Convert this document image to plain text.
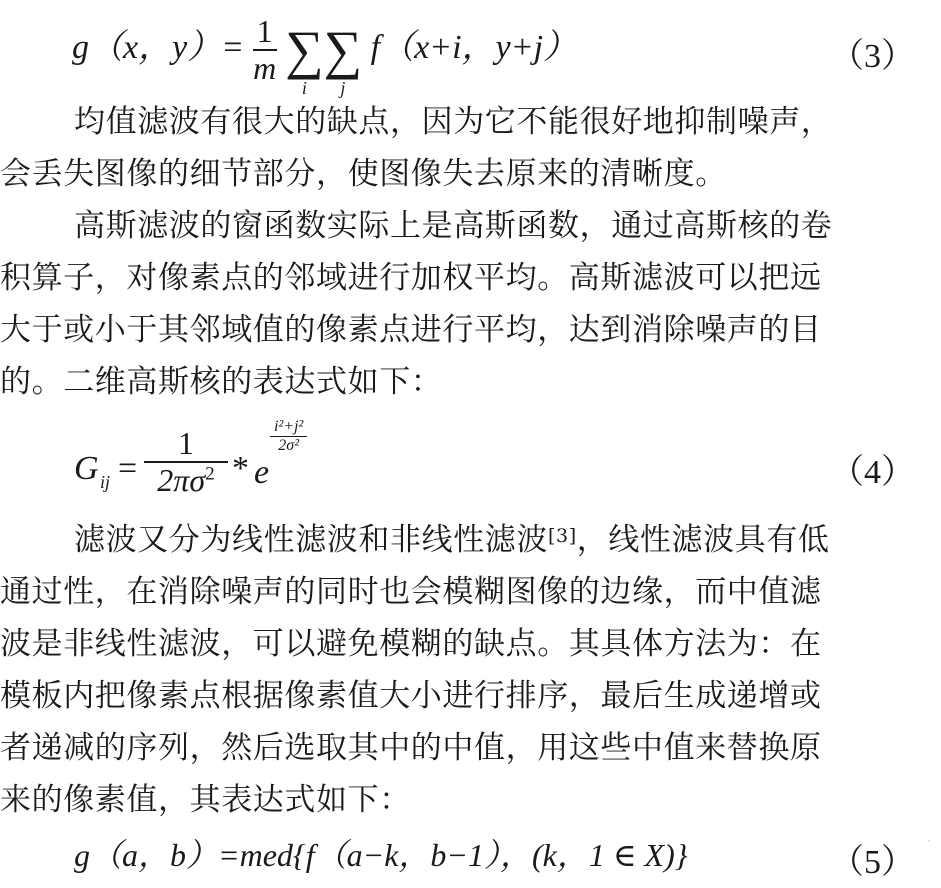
g（x，$y)= \frac{1}{m}$ ∑
i
∑
j
f（x+i，y+j）	（3）
均值滤波有很大的缺点，因为它不能很好地抑制噪声，
会丢失图像的细节部分，使图像失去原来的清晰度。
高斯滤波的窗函数实际上是高斯函数，通过高斯核的卷
积算子，对像素点的邻域进行加权平均。高斯滤波可以把远
大于或小于其邻域值的像素点进行平均，达到消除噪声的目
的。二维高斯核的表达式如下：
G ij = $\frac{1}{2\pi\sigma^2}$ * e
$\frac{\text{i²+j²}}{\text{2σ²}}$
（4）
滤波又分为线性滤波和非线性滤波[3]，线性滤波具有低
通过性，在消除噪声的同时也会模糊图像的边缘，而中值滤
波是非线性滤波，可以避免模糊的缺点。其具体方法为：在
模板内把像素点根据像素值大小进行排序，最后生成递增或
者递减的序列，然后选取其中的中值，用这些中值来替换原
来的像素值，其表达式如下：
g（a，b）=med{f（a−k，b−1），(k，1 ∈ X)}	（5）
·
